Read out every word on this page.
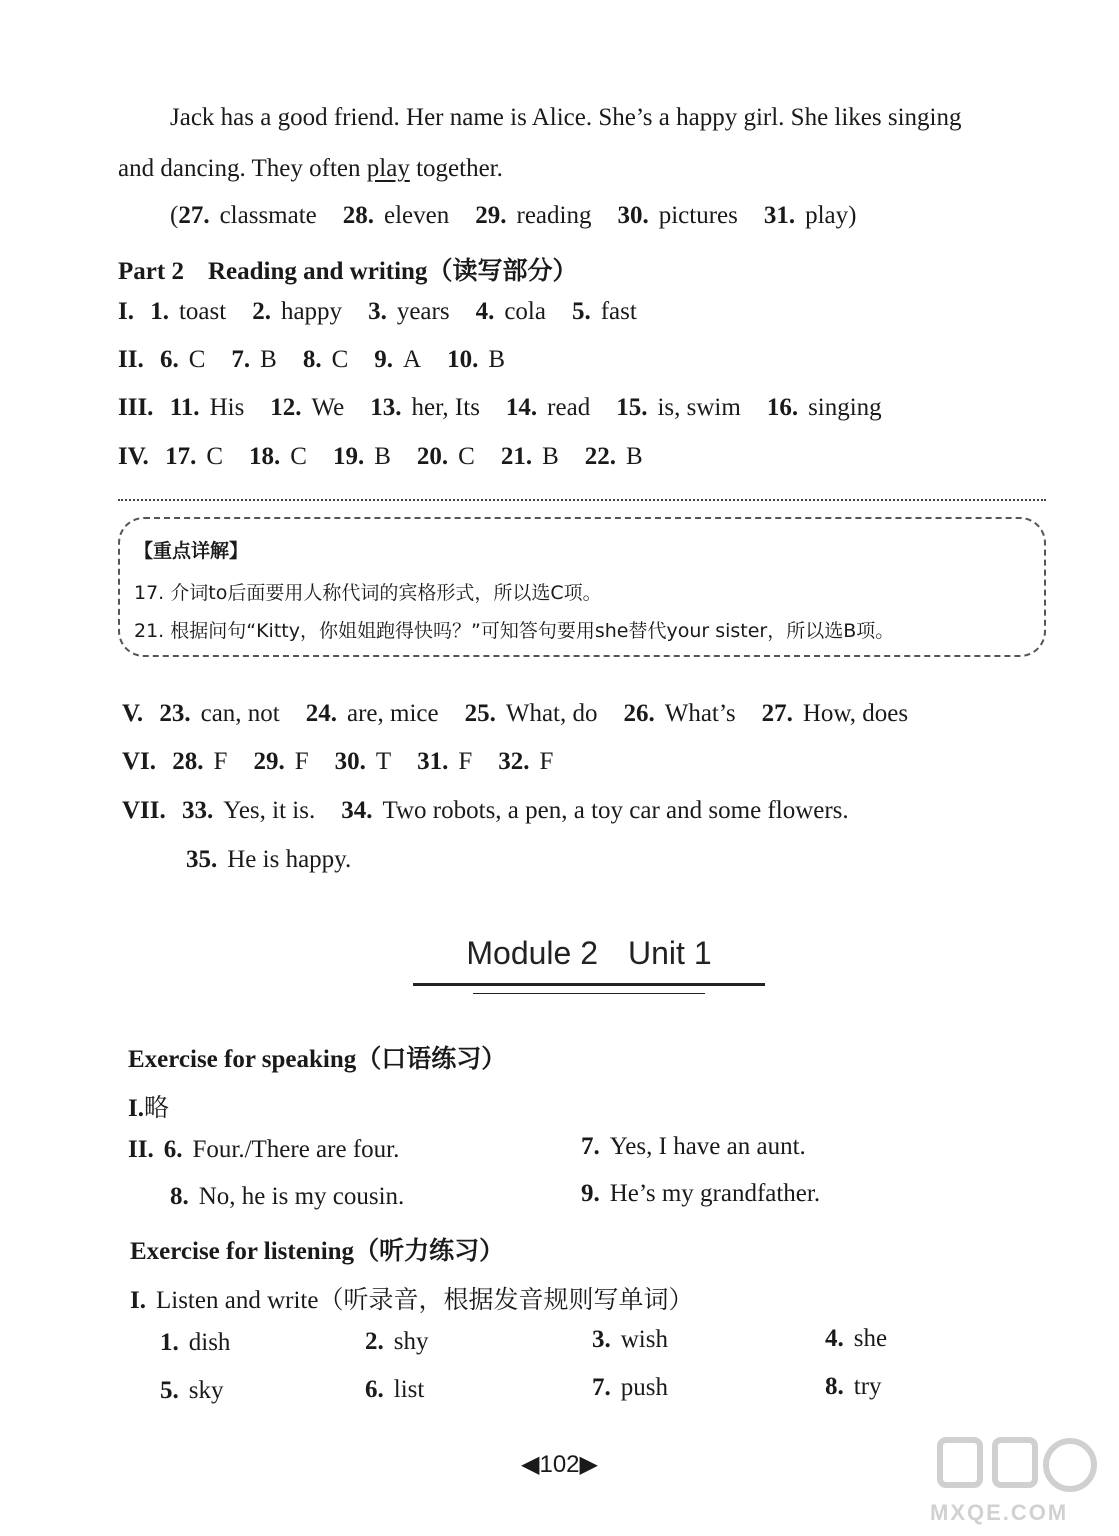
Jack has a good friend. Her name is Alice. She’s a happy girl. She likes singing
and dancing. They often play together.
(27. classmate 28. eleven 29. reading 30. pictures 31. play)
Part 2 Reading and writing（读写部分）
I. 1. toast 2. happy 3. years 4. cola 5. fast
II. 6. C 7. B 8. C 9. A 10. B
III. 11. His 12. We 13. her, Its 14. read 15. is, swim 16. singing
IV. 17. C 18. C 19. B 20. C 21. B 22. B
【重点详解】
17. 介词to后面要用人称代词的宾格形式，所以选C项。
21. 根据问句“Kitty，你姐姐跑得快吗？”可知答句要用she替代your sister，所以选B项。
V. 23. can, not 24. are, mice 25. What, do 26. What’s 27. How, does
VI. 28. F 29. F 30. T 31. F 32. F
VII. 33. Yes, it is. 34. Two robots, a pen, a toy car and some flowers.
35. He is happy.
Module 2 Unit 1
Exercise for speaking（口语练习）
I.略
II. 6. Four./There are four.	7. Yes, I have an aunt.
8. No, he is my cousin.	9. He’s my grandfather.
Exercise for listening（听力练习）
I. Listen and write（听录音，根据发音规则写单词）
1. dish	2. shy	3. wish	4. she
5. sky	6. list	7. push	8. try
◀102▶
MXQE.COM
